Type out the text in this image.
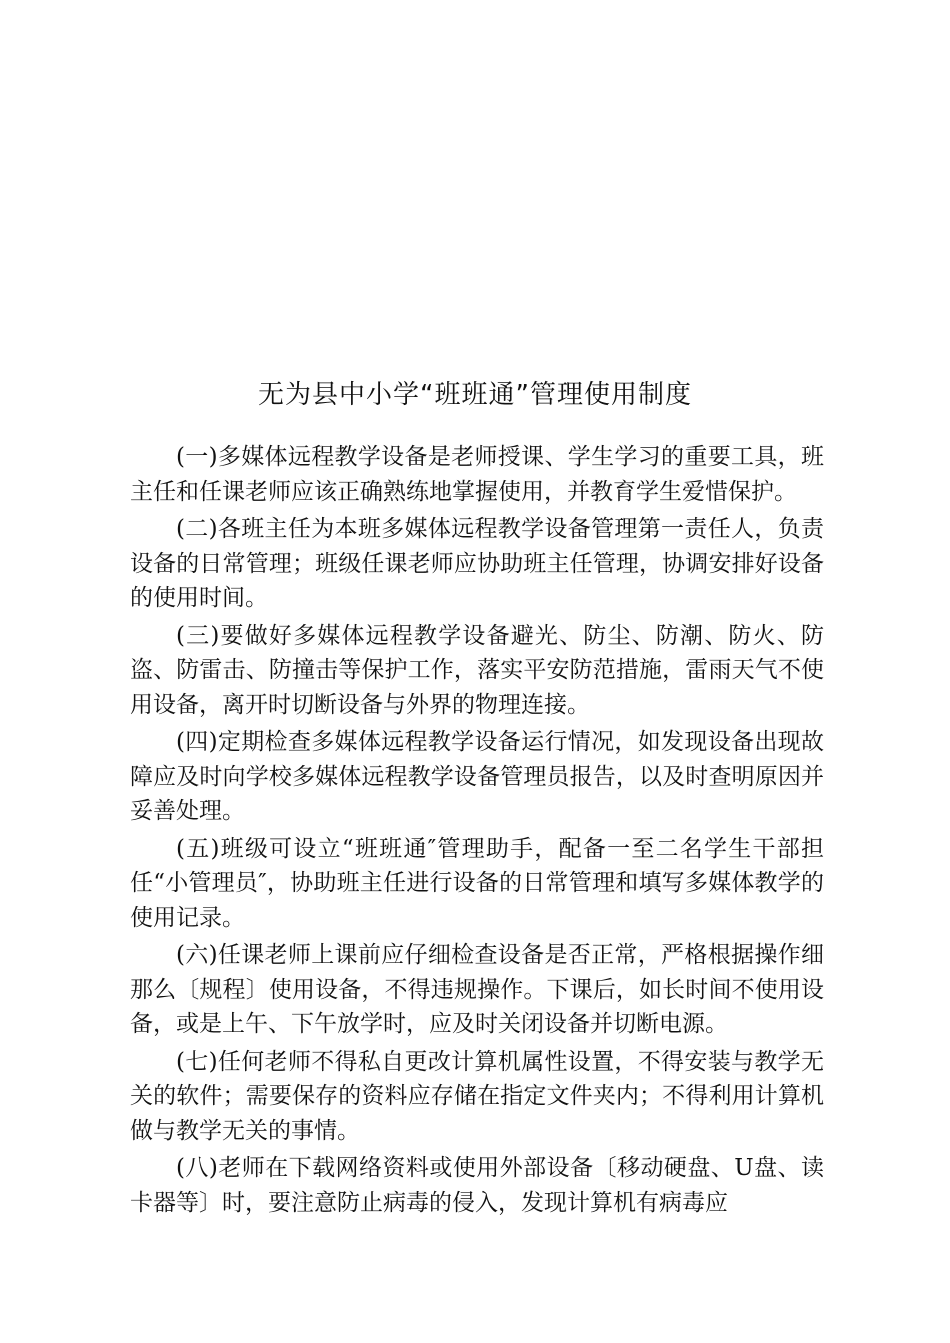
无为县中小学“班班通”管理使用制度

(一)多媒体远程教学设备是老师授课、学生学习的重要工具，班主任和任课老师应该正确熟练地掌握使用，并教育学生爱惜保护。

(二)各班主任为本班多媒体远程教学设备管理第一责任人，负责设备的日常管理；班级任课老师应协助班主任管理，协调安排好设备的使用时间。

(三)要做好多媒体远程教学设备避光、防尘、防潮、防火、防盗、防雷击、防撞击等保护工作，落实平安防范措施，雷雨天气不使用设备，离开时切断设备与外界的物理连接。

(四)定期检查多媒体远程教学设备运行情况，如发现设备出现故障应及时向学校多媒体远程教学设备管理员报告，以及时查明原因并妥善处理。

(五)班级可设立“班班通″管理助手，配备一至二名学生干部担任“小管理员″，协助班主任进行设备的日常管理和填写多媒体教学的使用记录。

(六)任课老师上课前应仔细检查设备是否正常，严格根据操作细那么〔规程〕使用设备，不得违规操作。下课后，如长时间不使用设备，或是上午、下午放学时，应及时关闭设备并切断电源。

(七)任何老师不得私自更改计算机属性设置，不得安装与教学无关的软件；需要保存的资料应存储在指定文件夹内；不得利用计算机做与教学无关的事情。

(八)老师在下载网络资料或使用外部设备〔移动硬盘、U盘、读卡器等〕时，要注意防止病毒的侵入，发现计算机有病毒应
